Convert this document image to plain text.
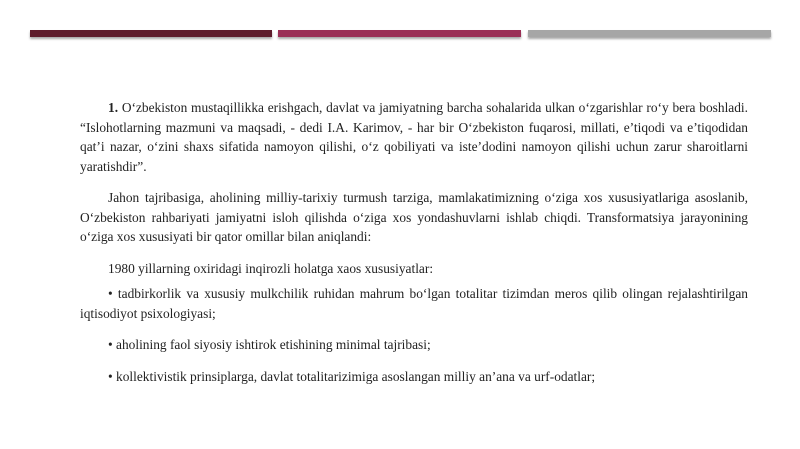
1. O‘zbekiston mustaqillikka erishgach, davlat va jamiyatning barcha sohalarida ulkan o‘zgarishlar ro‘y bera boshladi. “Islohotlarning mazmuni va maqsadi, - dedi I.A. Karimov, - har bir O‘zbekiston fuqarosi, millati, e’tiqodi va e’tiqodidan qat’i nazar, o‘zini shaxs sifatida namoyon qilishi, o‘z qobiliyati va iste’dodini namoyon qilishi uchun zarur sharoitlarni yaratishdir”.

Jahon tajribasiga, aholining milliy-tarixiy turmush tarziga, mamlakatimizning o‘ziga xos xususiyatlariga asoslanib, O‘zbekiston rahbariyati jamiyatni isloh qilishda o‘ziga xos yondashuvlarni ishlab chiqdi. Transformatsiya jarayonining o‘ziga xos xususiyati bir qator omillar bilan aniqlandi:

1980 yillarning oxiridagi inqirozli holatga xaos xususiyatlar:

• tadbirkorlik va xususiy mulkchilik ruhidan mahrum bo‘lgan totalitar tizimdan meros qilib olingan rejalashtirilgan iqtisodiyot psixologiyasi;

• aholining faol siyosiy ishtirok etishining minimal tajribasi;

• kollektivistik prinsiplarga, davlat totalitarizimiga asoslangan milliy an’ana va urf-odatlar;
